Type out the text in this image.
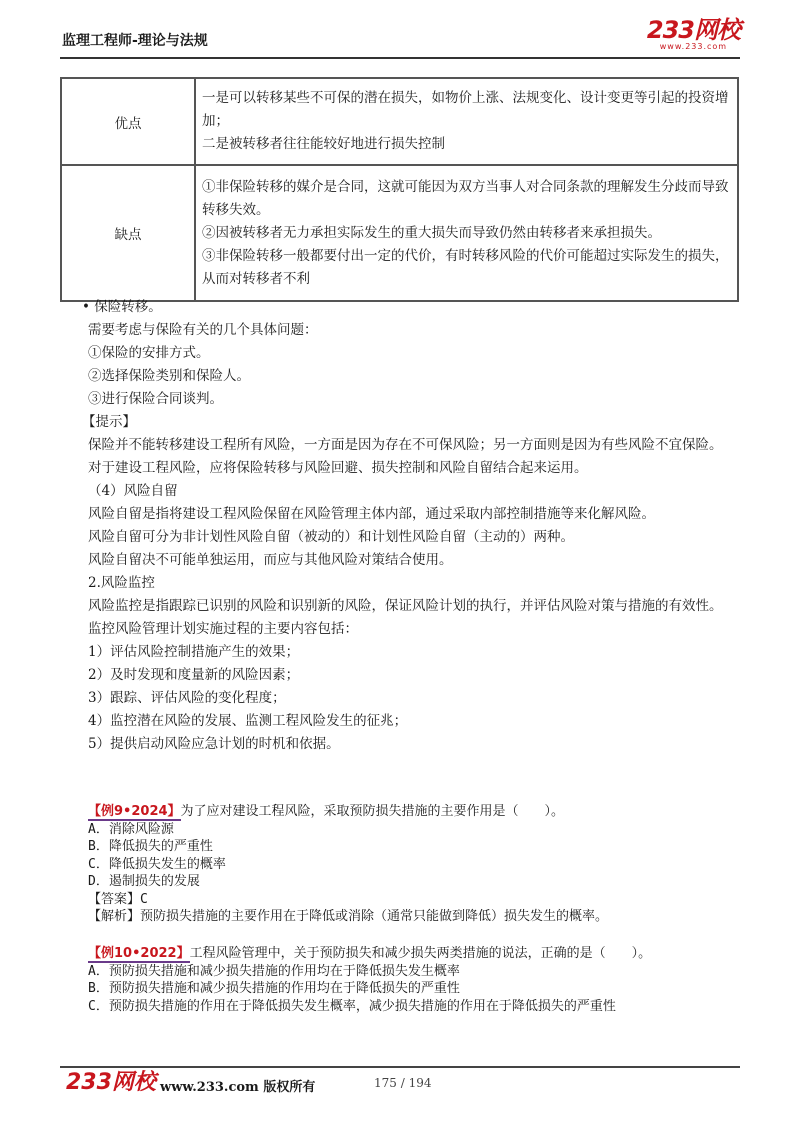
监理工程师-理论与法规	233网校
www.233.com
优点	一是可以转移某些不可保的潜在损失，如物价上涨、法规变化、设计变更等引起的投资增加；
二是被转移者往往能较好地进行损失控制

缺点	①非保险转移的媒介是合同，这就可能因为双方当事人对合同条款的理解发生分歧而导致转移失效。
②因被转移者无力承担实际发生的重大损失而导致仍然由转移者来承担损失。
③非保险转移一般都要付出一定的代价，有时转移风险的代价可能超过实际发生的损失，从而对转移者不利

• 保险转移。

需要考虑与保险有关的几个具体问题：

①保险的安排方式。

②选择保险类别和保险人。

③进行保险合同谈判。

【提示】

保险并不能转移建设工程所有风险，一方面是因为存在不可保风险；另一方面则是因为有些风险不宜保险。

对于建设工程风险，应将保险转移与风险回避、损失控制和风险自留结合起来运用。

（4）风险自留

风险自留是指将建设工程风险保留在风险管理主体内部，通过采取内部控制措施等来化解风险。

风险自留可分为非计划性风险自留（被动的）和计划性风险自留（主动的）两种。

风险自留决不可能单独运用，而应与其他风险对策结合使用。

2.风险监控

风险监控是指跟踪已识别的风险和识别新的风险，保证风险计划的执行，并评估风险对策与措施的有效性。

监控风险管理计划实施过程的主要内容包括：

1）评估风险控制措施产生的效果；

2）及时发现和度量新的风险因素；

3）跟踪、评估风险的变化程度；

4）监控潜在风险的发展、监测工程风险发生的征兆；

5）提供启动风险应急计划的时机和依据。

【例9•2024】为了应对建设工程风险，采取预防损失措施的主要作用是（　　）。

A．消除风险源

B．降低损失的严重性

C．降低损失发生的概率

D．遏制损失的发展

【答案】C

【解析】预防损失措施的主要作用在于降低或消除（通常只能做到降低）损失发生的概率。

【例10•2022】工程风险管理中，关于预防损失和减少损失两类措施的说法，正确的是（　　）。

A．预防损失措施和减少损失措施的作用均在于降低损失发生概率

B．预防损失措施和减少损失措施的作用均在于降低损失的严重性

C．预防损失措施的作用在于降低损失发生概率，减少损失措施的作用在于降低损失的严重性

233网校 www.233.com 版权所有	175 / 194
